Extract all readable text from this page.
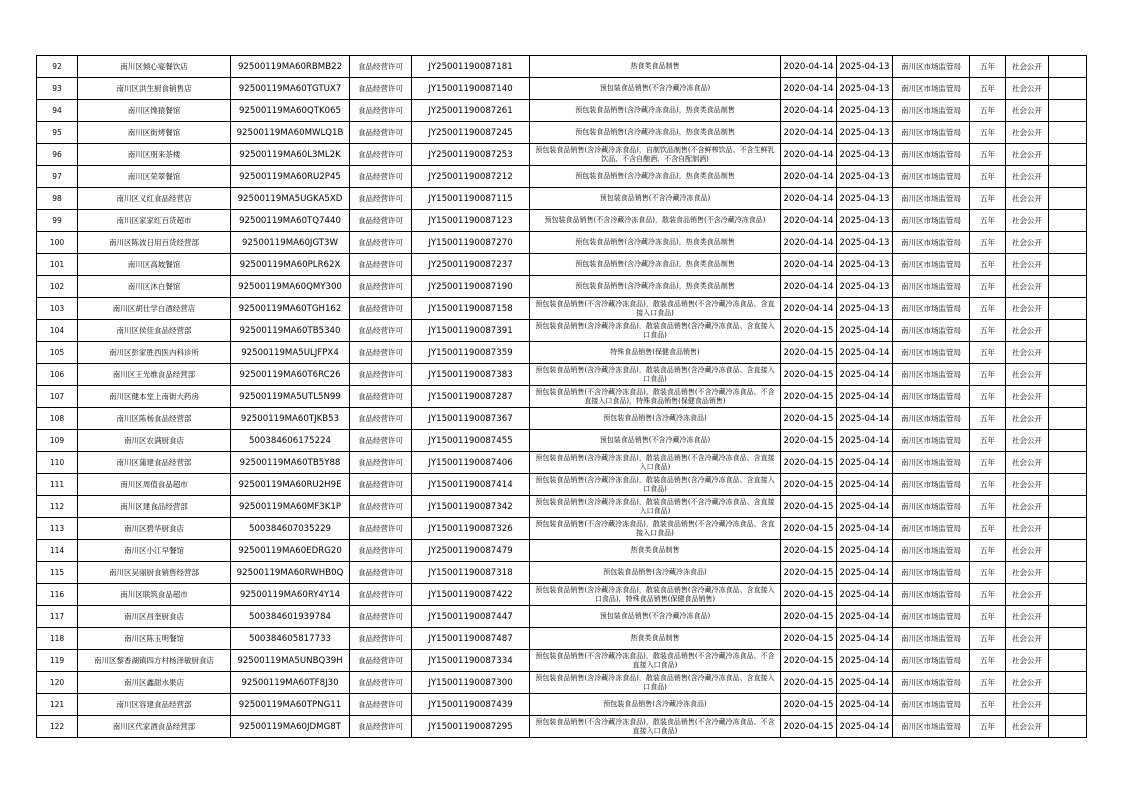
92	南川区倾心宴餐饮店	92500119MA60RBMB22	食品经营许可	JY25001190087181	热食类食品制售	2020-04-14	2025-04-13	南川区市场监管局	五年	社会公开	
93	南川区洪生厨食销售店	92500119MA60TGTUX7	食品经营许可	JY15001190087140	预包装食品销售(不含冷藏冷冻食品)	2020-04-14	2025-04-13	南川区市场监管局	五年	社会公开	
94	南川区馋猿餐馆	92500119MA60QTK065	食品经营许可	JY25001190087261	预包装食品销售(含冷藏冷冻食品)，热食类食品制售	2020-04-14	2025-04-13	南川区市场监管局	五年	社会公开	
95	南川区街烤餐馆	92500119MA60MWLQ1B	食品经营许可	JY25001190087245	预包装食品销售(含冷藏冷冻食品)，热食类食品制售	2020-04-14	2025-04-13	南川区市场监管局	五年	社会公开	
96	南川区朋来茶楼	92500119MA60L3ML2K	食品经营许可	JY25001190087253	预包装食品销售(含冷藏冷冻食品)，自制饮品制售(不含鲜榨饮品、不含生鲜乳饮品、不含自酿酒、不含自配制酒)	2020-04-14	2025-04-13	南川区市场监管局	五年	社会公开	
97	南川区荣翠餐馆	92500119MA60RU2P45	食品经营许可	JY25001190087212	预包装食品销售(含冷藏冷冻食品)，热食类食品制售	2020-04-14	2025-04-13	南川区市场监管局	五年	社会公开	
98	南川区义红食品经营店	92500119MA5UGKA5XD	食品经营许可	JY15001190087115	预包装食品销售(不含冷藏冷冻食品)	2020-04-14	2025-04-13	南川区市场监管局	五年	社会公开	
99	南川区家家红百货超市	92500119MA60TQ7440	食品经营许可	JY15001190087123	预包装食品销售(不含冷藏冷冻食品)，散装食品销售(不含冷藏冷冻食品)	2020-04-14	2025-04-13	南川区市场监管局	五年	社会公开	
100	南川区陈波日用百货经营部	92500119MA60JGT3W	食品经营许可	JY15001190087270	预包装食品销售(含冷藏冷冻食品)，热食类食品制售	2020-04-14	2025-04-13	南川区市场监管局	五年	社会公开	
101	南川区高坡餐馆	92500119MA60PLR62X	食品经营许可	JY25001190087237	预包装食品销售(含冷藏冷冻食品)，热食类食品制售	2020-04-14	2025-04-13	南川区市场监管局	五年	社会公开	
102	南川区沐白餐馆	92500119MA60QMY300	食品经营许可	JY25001190087190	预包装食品销售(含冷藏冷冻食品)，热食类食品制售	2020-04-14	2025-04-13	南川区市场监管局	五年	社会公开	
103	南川区胡仕学白酒经营店	92500119MA60TGH162	食品经营许可	JY15001190087158	预包装食品销售(不含冷藏冷冻食品)，散装食品销售(不含冷藏冷冻食品、含直接入口食品)	2020-04-14	2025-04-13	南川区市场监管局	五年	社会公开	
104	南川区侯佳食品经营部	92500119MA60TB5340	食品经营许可	JY15001190087391	预包装食品销售(含冷藏冷冻食品)，散装食品销售(含冷藏冷冻食品、含直接入口食品)	2020-04-15	2025-04-14	南川区市场监管局	五年	社会公开	
105	南川区彭家胜西医内科诊所	92500119MA5ULJFPX4	食品经营许可	JY15001190087359	特殊食品销售(保健食品销售)	2020-04-15	2025-04-14	南川区市场监管局	五年	社会公开	
106	南川区王光维食品经营部	92500119MA60T6RC26	食品经营许可	JY15001190087383	预包装食品销售(含冷藏冷冻食品)，散装食品销售(含冷藏冷冻食品、含直接入口食品)	2020-04-15	2025-04-14	南川区市场监管局	五年	社会公开	
107	南川区健本堂上南街大药房	92500119MA5UTL5N99	食品经营许可	JY15001190087287	预包装食品销售(不含冷藏冷冻食品)，散装食品销售(不含冷藏冷冻食品、不含直接入口食品)，特殊食品销售(保健食品销售)	2020-04-15	2025-04-14	南川区市场监管局	五年	社会公开	
108	南川区陈杨食品经营部	92500119MA60TJKB53	食品经营许可	JY15001190087367	预包装食品销售(含冷藏冷冻食品)	2020-04-15	2025-04-14	南川区市场监管局	五年	社会公开	
109	南川区农满厨食店	500384606175224	食品经营许可	JY15001190087455	预包装食品销售(不含冷藏冷冻食品)	2020-04-15	2025-04-14	南川区市场监管局	五年	社会公开	
110	南川区蒲建食品经营部	92500119MA60TB5Y88	食品经营许可	JY15001190087406	预包装食品销售(含冷藏冷冻食品)，散装食品销售(不含冷藏冷冻食品、含直接入口食品)	2020-04-15	2025-04-14	南川区市场监管局	五年	社会公开	
111	南川区周值食品超市	92500119MA60RU2H9E	食品经营许可	JY15001190087414	预包装食品销售(含冷藏冷冻食品)，散装食品销售(含冷藏冷冻食品、含直接入口食品)	2020-04-15	2025-04-14	南川区市场监管局	五年	社会公开	
112	南川区建食品经营部	92500119MA60MF3K1P	食品经营许可	JY15001190087342	预包装食品销售(含冷藏冷冻食品)，散装食品销售(不含冷藏冷冻食品、含直接入口食品)	2020-04-15	2025-04-14	南川区市场监管局	五年	社会公开	
113	南川区碧华厨食店	500384607035229	食品经营许可	JY15001190087326	预包装食品销售(不含冷藏冷冻食品)，散装食品销售(不含冷藏冷冻食品、含直接入口食品)	2020-04-15	2025-04-14	南川区市场监管局	五年	社会公开	
114	南川区小江早餐馆	92500119MA60EDRG20	食品经营许可	JY25001190087479	热食类食品制售	2020-04-15	2025-04-14	南川区市场监管局	五年	社会公开	
115	南川区吴丽厨食销售经营部	92500119MA60RWHB0Q	食品经营许可	JY15001190087318	预包装食品销售(含冷藏冷冻食品)	2020-04-15	2025-04-14	南川区市场监管局	五年	社会公开	
116	南川区联筑食品超市	92500119MA60RY4Y14	食品经营许可	JY15001190087422	预包装食品销售(含冷藏冷冻食品)，散装食品销售(含冷藏冷冻食品、含直接入口食品)，特殊食品销售(保健食品销售)	2020-04-15	2025-04-14	南川区市场监管局	五年	社会公开	
117	南川区昌奎厨食店	500384601939784	食品经营许可	JY15001190087447	预包装食品销售(不含冷藏冷冻食品)	2020-04-15	2025-04-14	南川区市场监管局	五年	社会公开	
118	南川区陈玉明餐馆	500384605817733	食品经营许可	JY15001190087487	热食类食品制售	2020-04-15	2025-04-14	南川区市场监管局	五年	社会公开	
119	南川区黎香湖镇四方村杨泽敏厨食店	92500119MA5UNBQ39H	食品经营许可	JY15001190087334	预包装食品销售(不含冷藏冷冻食品)，散装食品销售(不含冷藏冷冻食品、不含直接入口食品)	2020-04-15	2025-04-14	南川区市场监管局	五年	社会公开	
120	南川区鑫甜水果店	92500119MA60TF8J30	食品经营许可	JY15001190087300	预包装食品销售(含冷藏冷冻食品)，散装食品销售(含冷藏冷冻食品、含直接入口食品)	2020-04-15	2025-04-14	南川区市场监管局	五年	社会公开	
121	南川区容建食品经营部	92500119MA60TPNG11	食品经营许可	JY15001190087439	预包装食品销售(含冷藏冷冻食品)	2020-04-15	2025-04-14	南川区市场监管局	五年	社会公开	
122	南川区代家酒食品经营部	92500119MA60JDMG8T	食品经营许可	JY15001190087295	预包装食品销售(不含冷藏冷冻食品)，散装食品销售(不含冷藏冷冻食品、不含直接入口食品)	2020-04-15	2025-04-14	南川区市场监管局	五年	社会公开	
